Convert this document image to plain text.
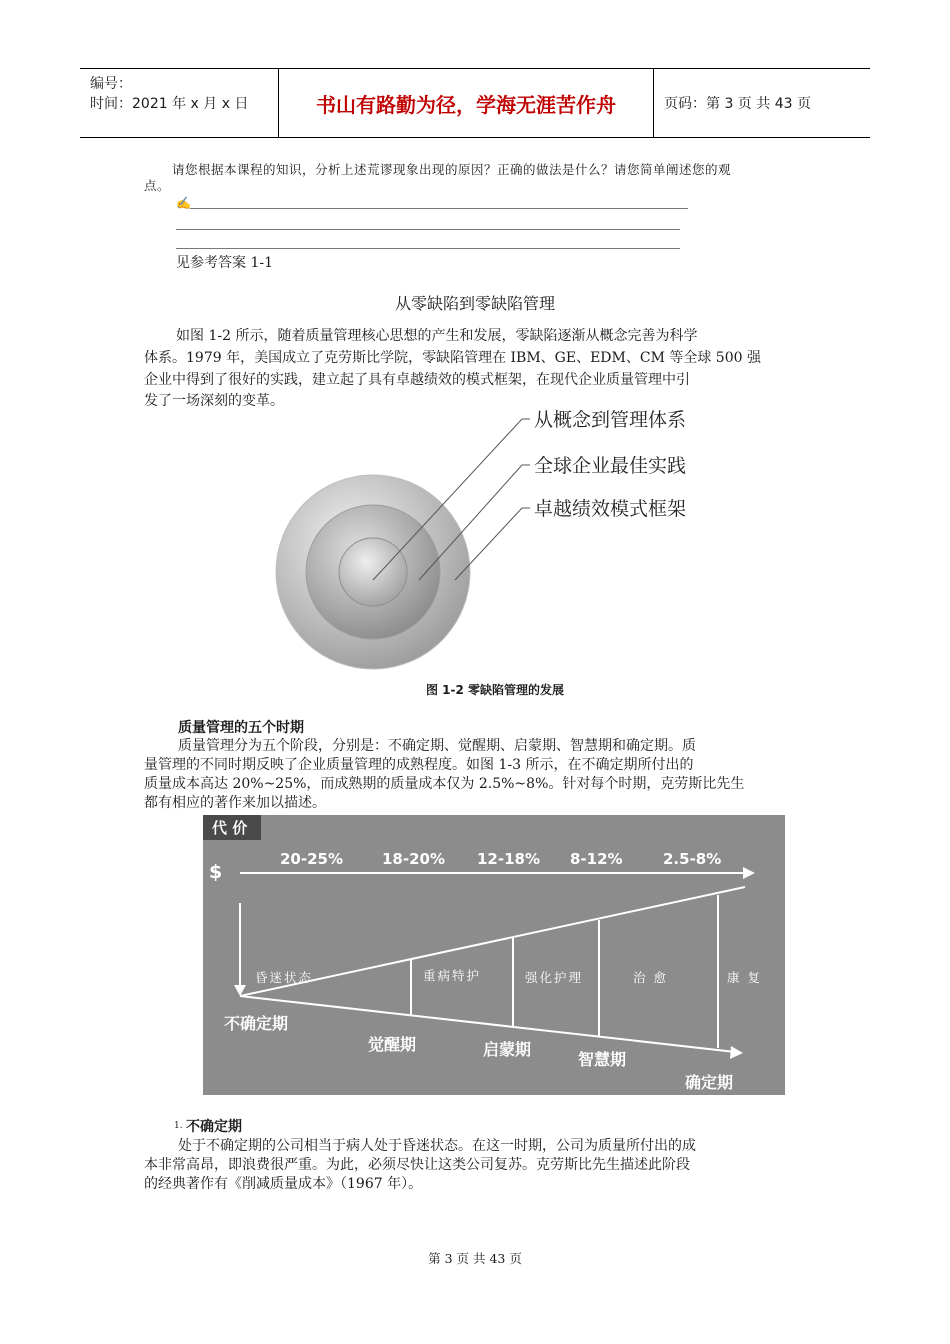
编号：
时间：2021 年 x 月 x 日	书山有路勤为径，学海无涯苦作舟	页码：第 3 页 共 43 页
请您根据本课程的知识，分析上述荒谬现象出现的原因？正确的做法是什么？请您简单阐述您的观
点。
✍
见参考答案 1-1
从零缺陷到零缺陷管理
如图 1-2 所示，随着质量管理核心思想的产生和发展，零缺陷逐渐从概念完善为科学
体系。1979 年，美国成立了克劳斯比学院，零缺陷管理在 IBM、GE、EDM、CM 等全球 500 强
企业中得到了很好的实践，建立起了具有卓越绩效的模式框架，在现代企业质量管理中引
发了一场深刻的变革。
从概念到管理体系
全球企业最佳实践
卓越绩效模式框架
图 1-2 零缺陷管理的发展
质量管理的五个时期
质量管理分为五个阶段，分别是：不确定期、觉醒期、启蒙期、智慧期和确定期。质
量管理的不同时期反映了企业质量管理的成熟程度。如图 1-3 所示，在不确定期所付出的
质量成本高达 20%~25%，而成熟期的质量成本仅为 2.5%~8%。针对每个时期，克劳斯比先生
都有相应的著作来加以描述。
代 价
$
20-25%	18-20% 12-18% 8-12%	2.5-8%
昏迷状态	重病特护	强化护理	治 愈	康 复
不确定期
觉醒期	启蒙期
智慧期
确定期
1. 不确定期
处于不确定期的公司相当于病人处于昏迷状态。在这一时期，公司为质量所付出的成
本非常高昂，即浪费很严重。为此，必须尽快让这类公司复苏。克劳斯比先生描述此阶段
的经典著作有《削减质量成本》（1967 年）。
第 3 页 共 43 页
